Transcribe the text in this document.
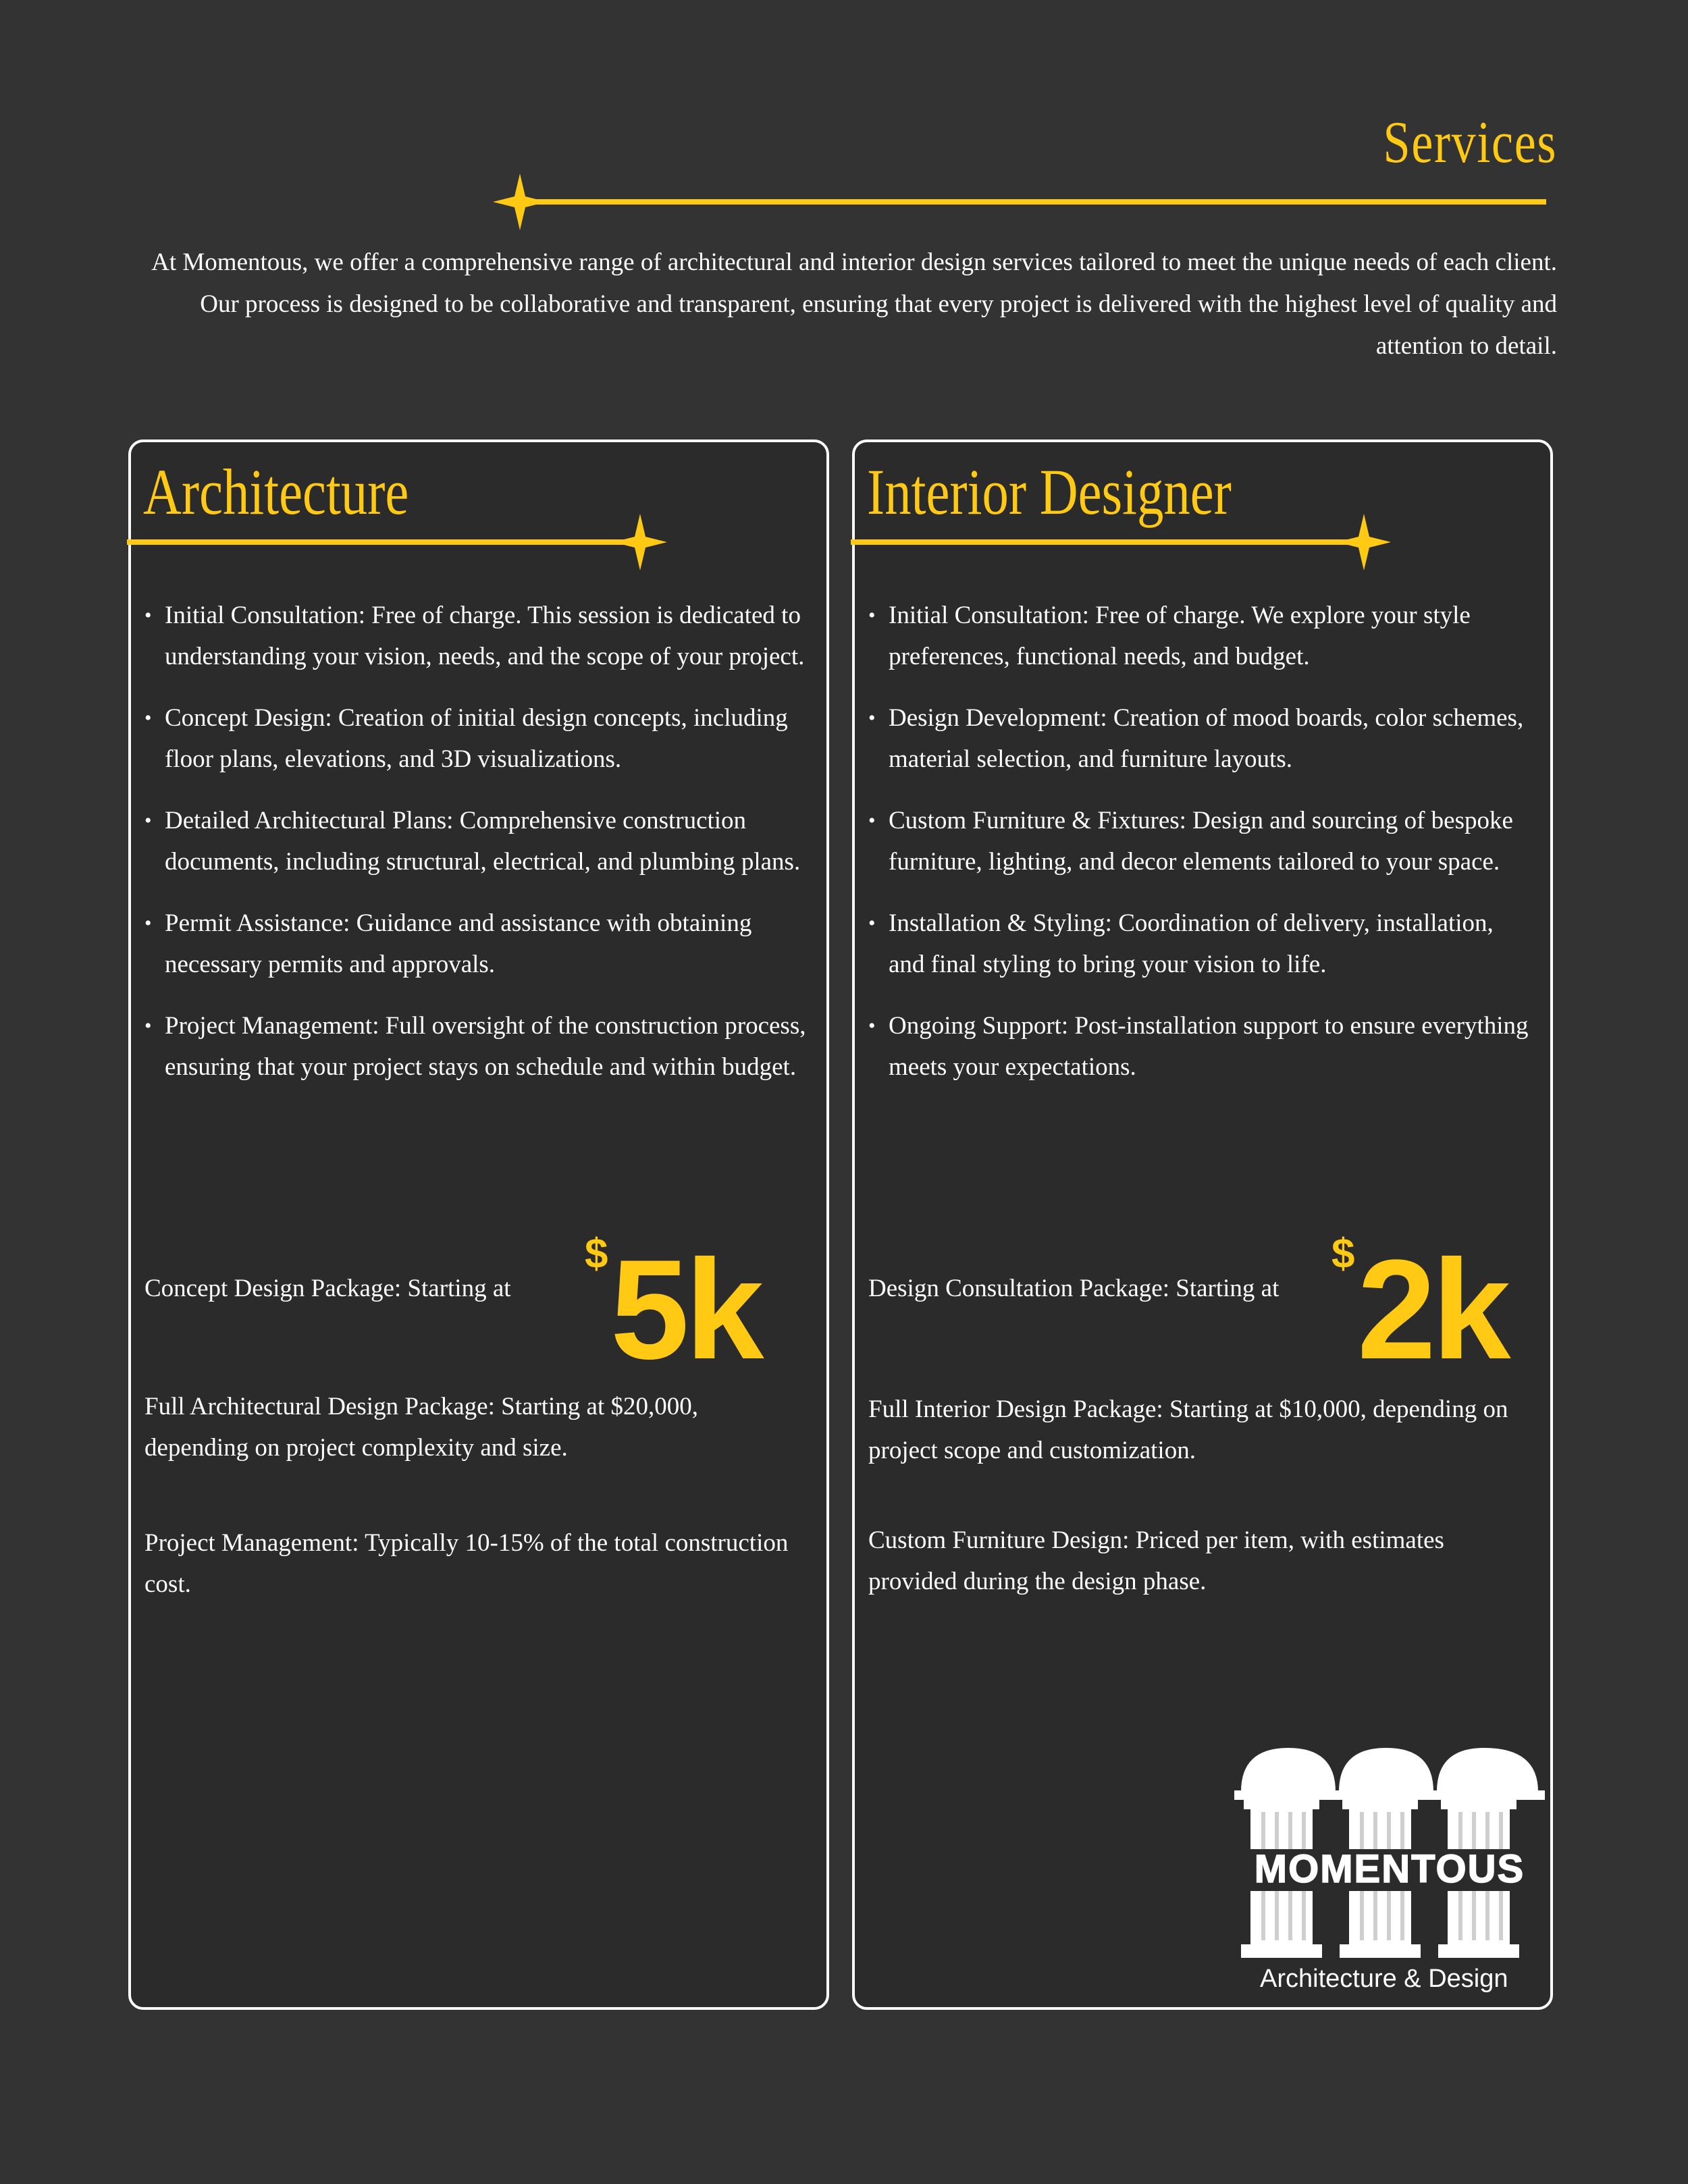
Services
At Momentous, we offer a comprehensive range of architectural and interior design services tailored to meet the unique needs of each client. Our process is designed to be collaborative and transparent, ensuring that every project is delivered with the highest level of quality and attention to detail.
Architecture
• Initial Consultation: Free of charge. This session is dedicated to understanding your vision, needs, and the scope of your project.
• Concept Design: Creation of initial design concepts, including floor plans, elevations, and 3D visualizations.
• Detailed Architectural Plans: Comprehensive construction documents, including structural, electrical, and plumbing plans.
• Permit Assistance: Guidance and assistance with obtaining necessary permits and approvals.
• Project Management: Full oversight of the construction process, ensuring that your project stays on schedule and within budget.
Concept Design Package: Starting at
$ 5k
Full Architectural Design Package: Starting at $20,000, depending on project complexity and size.
Project Management: Typically 10-15% of the total construction cost.
Interior Designer
• Initial Consultation: Free of charge. We explore your style preferences, functional needs, and budget.
• Design Development: Creation of mood boards, color schemes, material selection, and furniture layouts.
• Custom Furniture & Fixtures: Design and sourcing of bespoke furniture, lighting, and decor elements tailored to your space.
• Installation & Styling: Coordination of delivery, installation, and final styling to bring your vision to life.
• Ongoing Support: Post-installation support to ensure everything meets your expectations.
Design Consultation Package: Starting at
$ 2k
Full Interior Design Package: Starting at $10,000, depending on project scope and customization.
Custom Furniture Design: Priced per item, with estimates provided during the design phase.
MOMENTOUS
Architecture & Design
